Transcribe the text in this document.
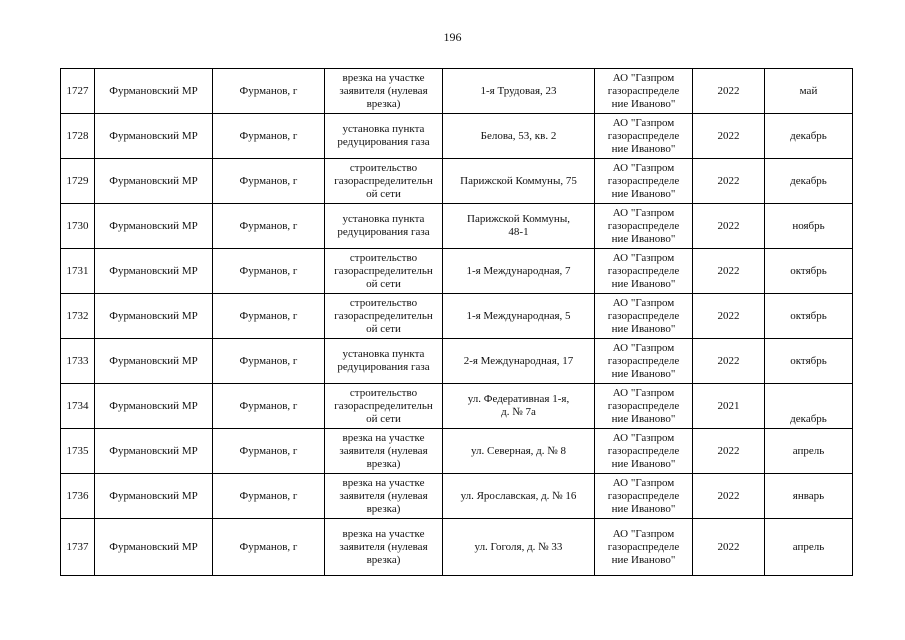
196
1727	Фурмановский МР	Фурманов, г	врезка на участке
заявителя (нулевая
врезка)	1-я Трудовая, 23	АО "Газпром
газораспределе
ние Иваново"	2022	май
1728	Фурмановский МР	Фурманов, г	установка пункта
редуцирования газа	Белова, 53, кв. 2	АО "Газпром
газораспределе
ние Иваново"	2022	декабрь
1729	Фурмановский МР	Фурманов, г	строительство
газораспределительн
ой сети	Парижской Коммуны, 75	АО "Газпром
газораспределе
ние Иваново"	2022	декабрь
1730	Фурмановский МР	Фурманов, г	установка пункта
редуцирования газа	Парижской Коммуны,
48-1	АО "Газпром
газораспределе
ние Иваново"	2022	ноябрь
1731	Фурмановский МР	Фурманов, г	строительство
газораспределительн
ой сети	1-я Международная, 7	АО "Газпром
газораспределе
ние Иваново"	2022	октябрь
1732	Фурмановский МР	Фурманов, г	строительство
газораспределительн
ой сети	1-я Международная, 5	АО "Газпром
газораспределе
ние Иваново"	2022	октябрь
1733	Фурмановский МР	Фурманов, г	установка пункта
редуцирования газа	2-я Международная, 17	АО "Газпром
газораспределе
ние Иваново"	2022	октябрь
1734	Фурмановский МР	Фурманов, г	строительство
газораспределительн
ой сети	ул. Федеративная 1-я,
д. № 7а	АО "Газпром
газораспределе
ние Иваново"	2021	декабрь
1735	Фурмановский МР	Фурманов, г	врезка на участке
заявителя (нулевая
врезка)	ул. Северная, д. № 8	АО "Газпром
газораспределе
ние Иваново"	2022	апрель
1736	Фурмановский МР	Фурманов, г	врезка на участке
заявителя (нулевая
врезка)	ул. Ярославская, д. № 16	АО "Газпром
газораспределе
ние Иваново"	2022	январь
1737	Фурмановский МР	Фурманов, г	врезка на участке
заявителя (нулевая
врезка)	ул. Гоголя, д. № 33	АО "Газпром
газораспределе
ние Иваново"	2022	апрель
